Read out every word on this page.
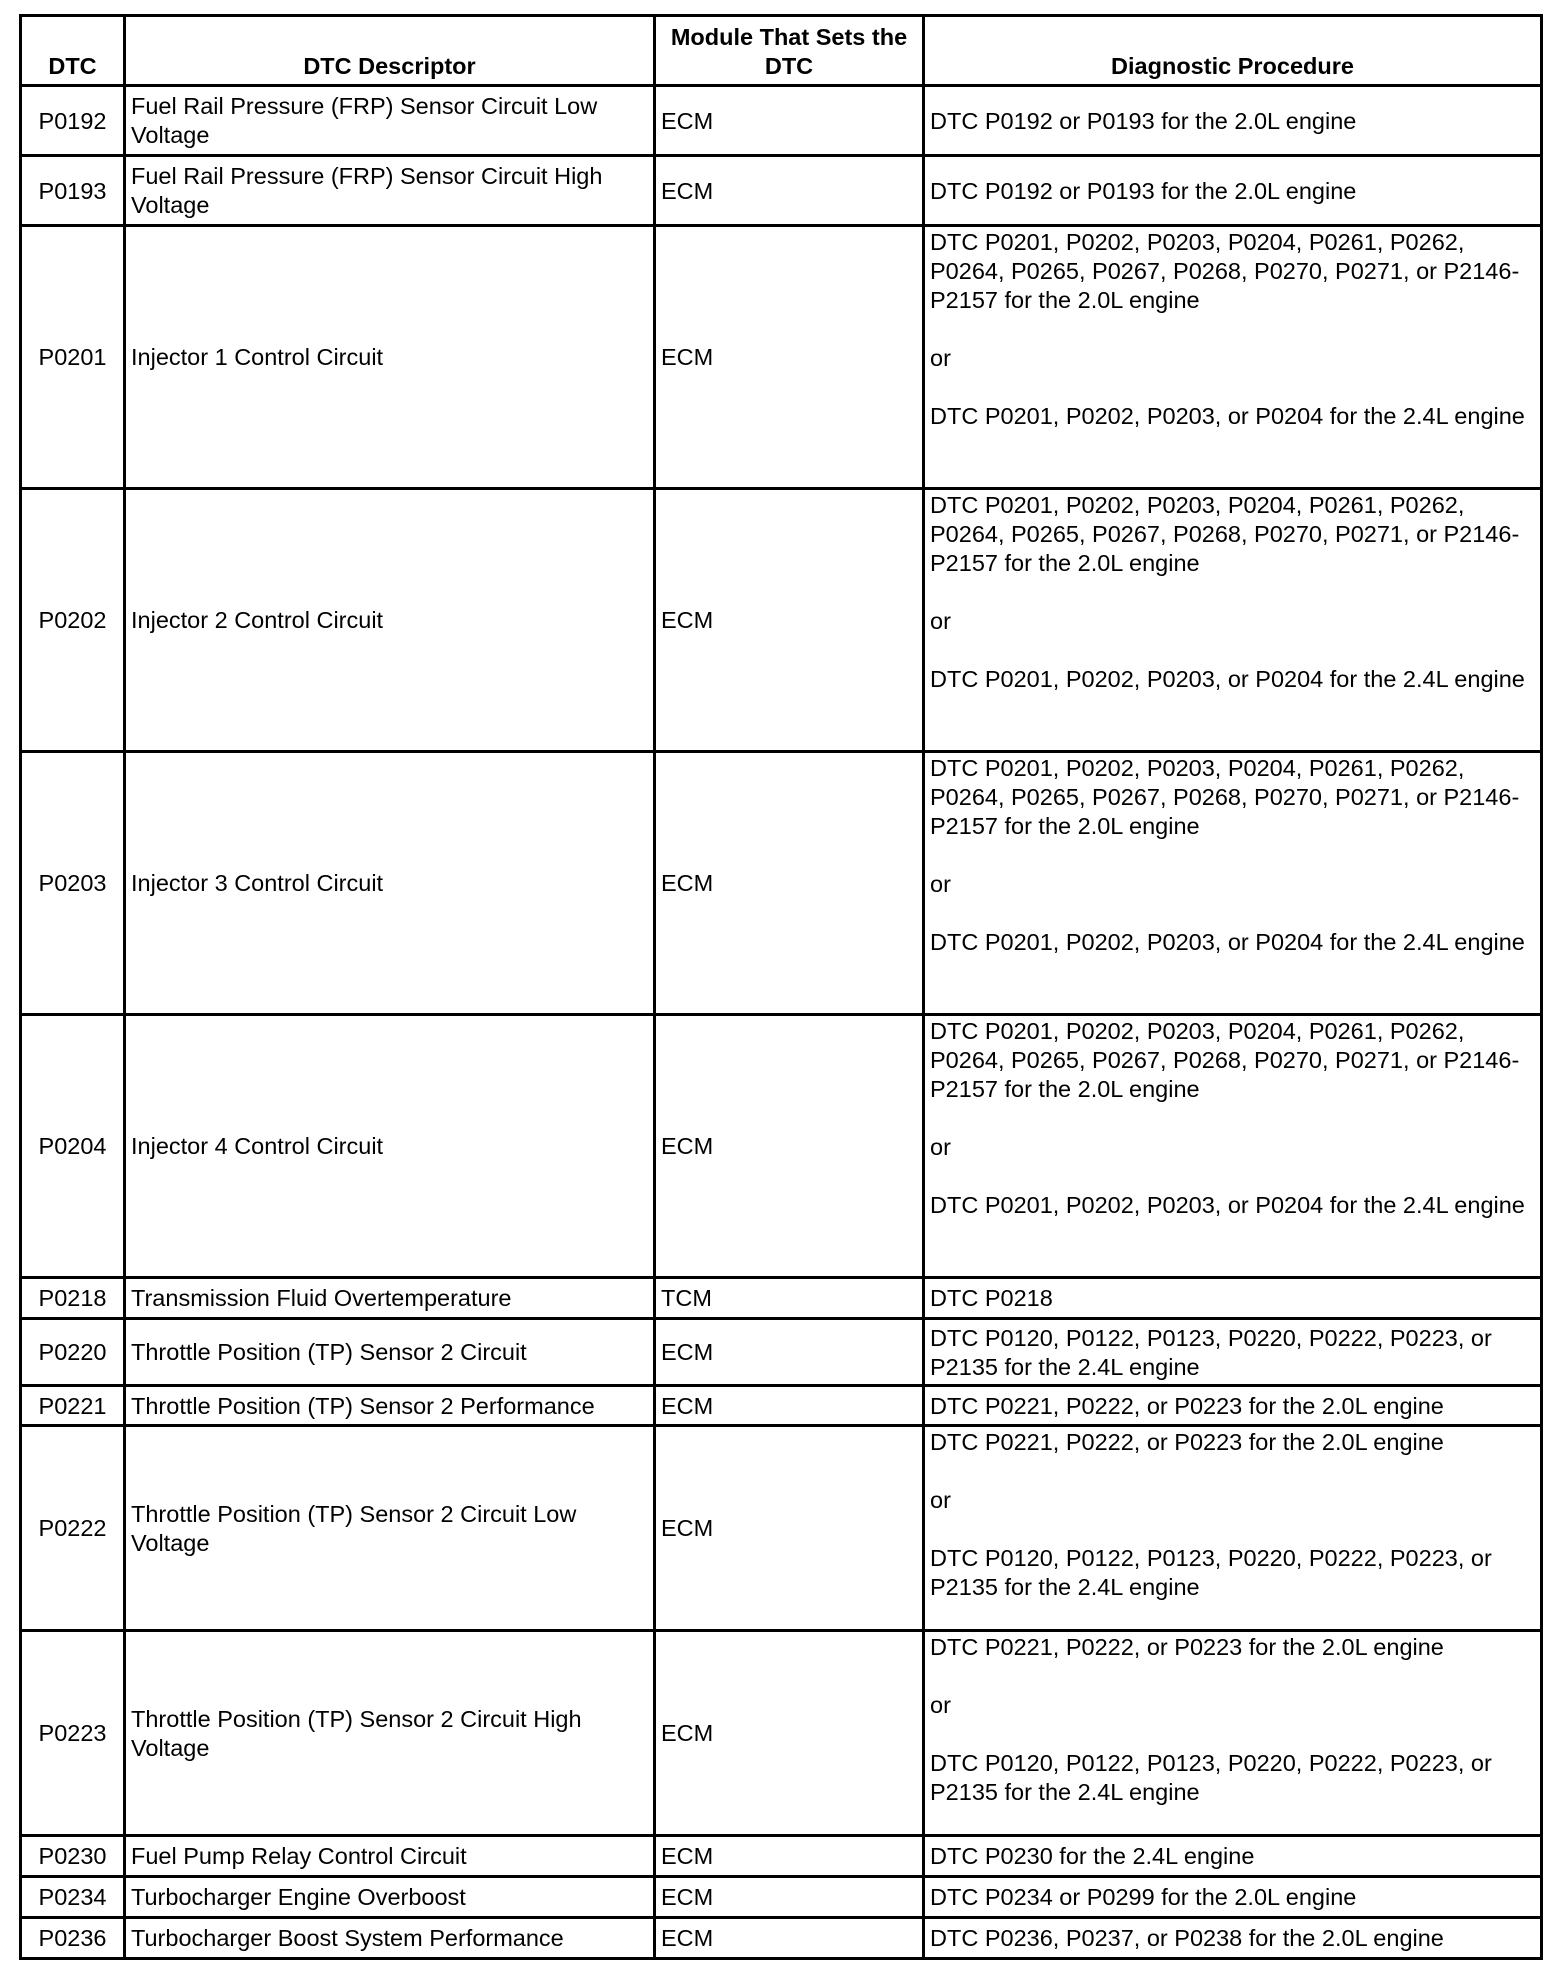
DTC	DTC Descriptor	Module That Sets the DTC	Diagnostic Procedure
P0192	Fuel Rail Pressure (FRP) Sensor Circuit Low Voltage	ECM	DTC P0192 or P0193 for the 2.0L engine

P0193	Fuel Rail Pressure (FRP) Sensor Circuit High Voltage	ECM	DTC P0192 or P0193 for the 2.0L engine

P0201	Injector 1 Control Circuit	ECM	DTC P0201, P0202, P0203, P0204, P0261, P0262, P0264, P0265, P0267, P0268, P0270, P0271, or P2146-P2157 for the 2.0L engine

or

DTC P0201, P0202, P0203, or P0204 for the 2.4L engine

P0202	Injector 2 Control Circuit	ECM	DTC P0201, P0202, P0203, P0204, P0261, P0262, P0264, P0265, P0267, P0268, P0270, P0271, or P2146-P2157 for the 2.0L engine

or

DTC P0201, P0202, P0203, or P0204 for the 2.4L engine

P0203	Injector 3 Control Circuit	ECM	DTC P0201, P0202, P0203, P0204, P0261, P0262, P0264, P0265, P0267, P0268, P0270, P0271, or P2146-P2157 for the 2.0L engine

or

DTC P0201, P0202, P0203, or P0204 for the 2.4L engine

P0204	Injector 4 Control Circuit	ECM	DTC P0201, P0202, P0203, P0204, P0261, P0262, P0264, P0265, P0267, P0268, P0270, P0271, or P2146-P2157 for the 2.0L engine

or

DTC P0201, P0202, P0203, or P0204 for the 2.4L engine

P0218	Transmission Fluid Overtemperature	TCM	DTC P0218

P0220	Throttle Position (TP) Sensor 2 Circuit	ECM	DTC P0120, P0122, P0123, P0220, P0222, P0223, or P2135 for the 2.4L engine

P0221	Throttle Position (TP) Sensor 2 Performance	ECM	DTC P0221, P0222, or P0223 for the 2.0L engine

P0222	Throttle Position (TP) Sensor 2 Circuit Low Voltage	ECM	DTC P0221, P0222, or P0223 for the 2.0L engine

or

DTC P0120, P0122, P0123, P0220, P0222, P0223, or P2135 for the 2.4L engine

P0223	Throttle Position (TP) Sensor 2 Circuit High Voltage	ECM	DTC P0221, P0222, or P0223 for the 2.0L engine

or

DTC P0120, P0122, P0123, P0220, P0222, P0223, or P2135 for the 2.4L engine

P0230	Fuel Pump Relay Control Circuit	ECM	DTC P0230 for the 2.4L engine

P0234	Turbocharger Engine Overboost	ECM	DTC P0234 or P0299 for the 2.0L engine

P0236	Turbocharger Boost System Performance	ECM	DTC P0236, P0237, or P0238 for the 2.0L engine
